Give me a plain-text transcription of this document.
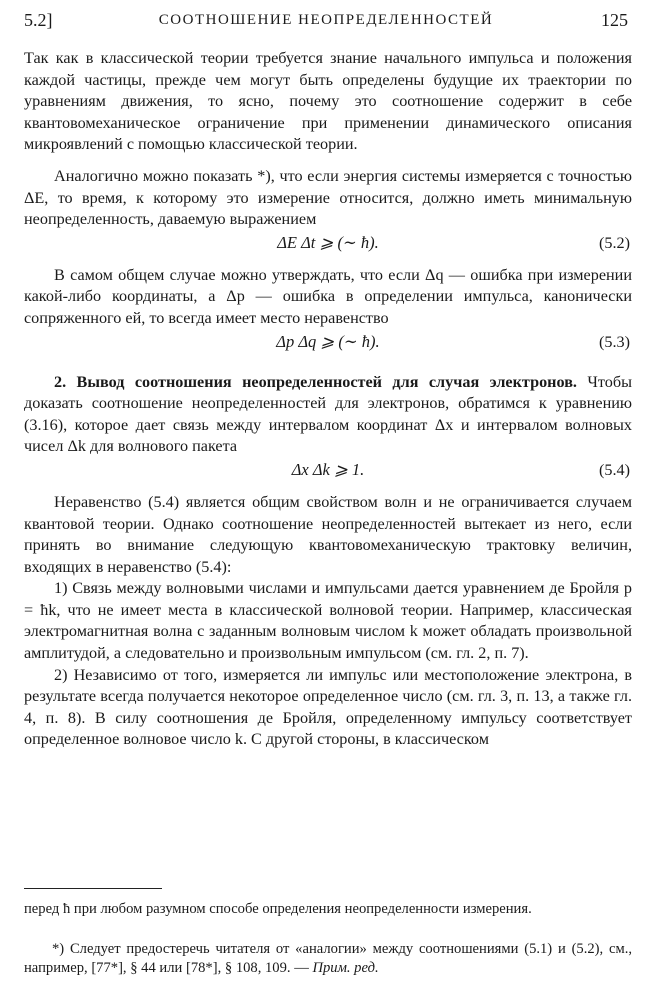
5.2]	СООТНОШЕНИЕ НЕОПРЕДЕЛЕННОСТЕЙ	125

Так как в классической теории требуется знание начального импульса и положения каждой частицы, прежде чем могут быть определены будущие их траектории по уравнениям движения, то ясно, почему это соотношение содержит в себе квантовомеханическое ограничение при применении динамического описания микроявлений с помощью классической теории.

Аналогично можно показать *), что если энергия системы измеряется с точностью ΔE, то время, к которому это измерение относится, должно иметь минимальную неопределенность, даваемую выражением

ΔE Δt ⩾ (∼ ħ).	(5.2)

В самом общем случае можно утверждать, что если Δq — ошибка при измерении какой-либо координаты, а Δp — ошибка в определении импульса, канонически сопряженного ей, то всегда имеет место неравенство

Δp Δq ⩾ (∼ ħ).	(5.3)

2. Вывод соотношения неопределенностей для случая электронов. Чтобы доказать соотношение неопределенностей для электронов, обратимся к уравнению (3.16), которое дает связь между интервалом координат Δx и интервалом волновых чисел Δk для волнового пакета

Δx Δk ⩾ 1.	(5.4)

Неравенство (5.4) является общим свойством волн и не ограничивается случаем квантовой теории. Однако соотношение неопределенностей вытекает из него, если принять во внимание следующую квантовомеханическую трактовку величин, входящих в неравенство (5.4):

1) Связь между волновыми числами и импульсами дается уравнением де Бройля p = ħk, что не имеет места в классической волновой теории. Например, классическая электромагнитная волна с заданным волновым числом k может обладать произвольной амплитудой, а следовательно и произвольным импульсом (см. гл. 2, п. 7).

2) Независимо от того, измеряется ли импульс или местоположение электрона, в результате всегда получается некоторое определенное число (см. гл. 3, п. 13, а также гл. 4, п. 8). В силу соотношения де Бройля, определенному импульсу соответствует определенное волновое число k. С другой стороны, в классическом

перед ħ при любом разумном способе определения неопределенности измерения.
*) Следует предостеречь читателя от «аналогии» между соотношениями (5.1) и (5.2), см., например, [77*], § 44 или [78*], § 108, 109. — Прим. ред.
